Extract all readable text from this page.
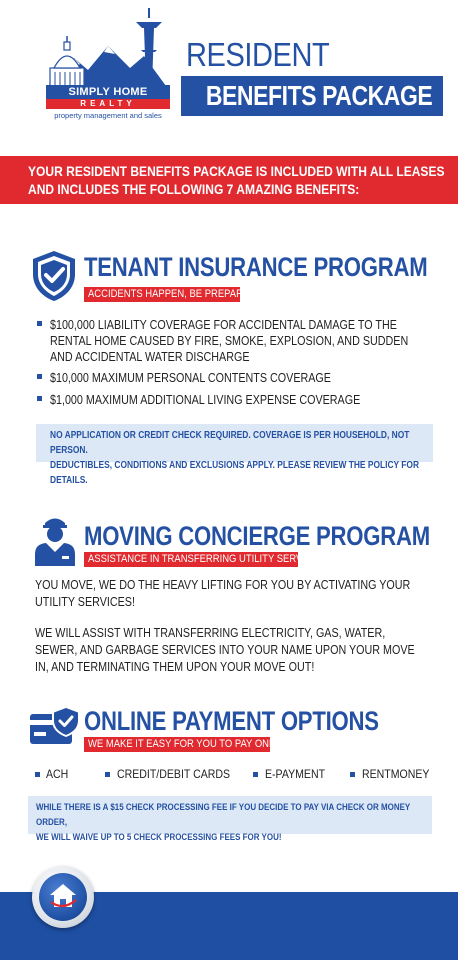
SIMPLY HOME
REALTY
property management and sales
RESIDENT
BENEFITS PACKAGE
YOUR RESIDENT BENEFITS PACKAGE IS INCLUDED WITH ALL LEASES
AND INCLUDES THE FOLLOWING 7 AMAZING BENEFITS:
TENANT INSURANCE PROGRAM
ACCIDENTS HAPPEN, BE PREPARED:
$100,000 LIABILITY COVERAGE FOR ACCIDENTAL DAMAGE TO THE RENTAL HOME CAUSED BY FIRE, SMOKE, EXPLOSION, AND SUDDEN AND ACCIDENTAL WATER DISCHARGE
$10,000 MAXIMUM PERSONAL CONTENTS COVERAGE
$1,000 MAXIMUM ADDITIONAL LIVING EXPENSE COVERAGE
NO APPLICATION OR CREDIT CHECK REQUIRED. COVERAGE IS PER HOUSEHOLD, NOT PERSON.
DEDUCTIBLES, CONDITIONS AND EXCLUSIONS APPLY. PLEASE REVIEW THE POLICY FOR DETAILS.
MOVING CONCIERGE PROGRAM
ASSISTANCE IN TRANSFERRING UTILITY SERVICES
YOU MOVE, WE DO THE HEAVY LIFTING FOR YOU BY ACTIVATING YOUR UTILITY SERVICES!
WE WILL ASSIST WITH TRANSFERRING ELECTRICITY, GAS, WATER, SEWER, AND GARBAGE SERVICES INTO YOUR NAME UPON YOUR MOVE IN, AND TERMINATING THEM UPON YOUR MOVE OUT!
ONLINE PAYMENT OPTIONS
WE MAKE IT EASY FOR YOU TO PAY ONLINE!
ACH	CREDIT/DEBIT CARDS	E-PAYMENT	RENTMONEY
WHILE THERE IS A $15 CHECK PROCESSING FEE IF YOU DECIDE TO PAY VIA CHECK OR MONEY ORDER,
WE WILL WAIVE UP TO 5 CHECK PROCESSING FEES FOR YOU!
